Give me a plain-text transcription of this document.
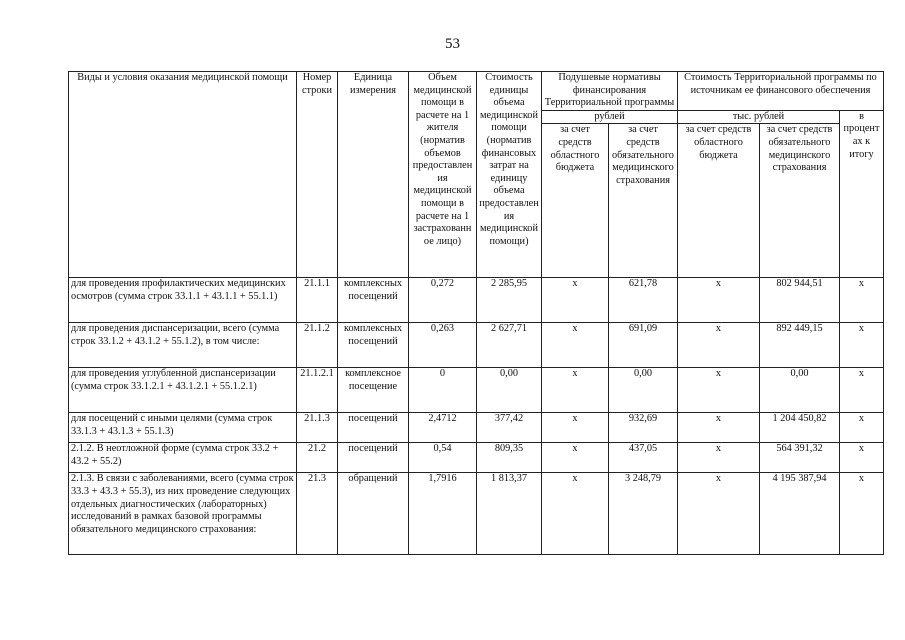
53
Виды и условия оказания медицинской помощи	Номер строки	Единица измерения	Объем медицинской помощи в расчете на 1 жителя (норматив объемов предоставления медицинской помощи в расчете на 1 застрахованное лицо)	Стоимость единицы объема медицинской помощи (норматив финансовых затрат на единицу объема предоставления медицинской помощи)	Подушевые нормативы финансирования Территориальной программы		Стоимость Территориальной программы по источникам ее финансового обеспечения		
					рублей		тыс. рублей		в процентах к итогу
					за счет средств областного бюджета	за счет средств обязательного медицинского страхования	за счет средств областного бюджета	за счет средств обязательного медицинского страхования	
для проведения профилактических медицинских осмотров (сумма строк 33.1.1 + 43.1.1 + 55.1.1)	21.1.1	комплексных посещений	0,272	2 285,95	х	621,78	х	802 944,51	х
для проведения диспансеризации, всего (сумма строк 33.1.2 + 43.1.2 + 55.1.2), в том числе:	21.1.2	комплексных посещений	0,263	2 627,71	х	691,09	х	892 449,15	х
для проведения углубленной диспансеризации (сумма строк 33.1.2.1 + 43.1.2.1 + 55.1.2.1)	21.1.2.1	комплексное посещение	0	0,00	х	0,00	х	0,00	х
для посещений с иными целями (сумма строк 33.1.3 + 43.1.3 + 55.1.3)	21.1.3	посещений	2,4712	377,42	х	932,69	х	1 204 450,82	х
2.1.2. В неотложной форме (сумма строк 33.2 + 43.2 + 55.2)	21.2	посещений	0,54	809,35	х	437,05	х	564 391,32	х
2.1.3. В связи с заболеваниями, всего (сумма строк 33.3 + 43.3 + 55.3), из них проведение следующих отдельных диагностических (лабораторных) исследований в рамках базовой программы обязательного медицинского страхования:	21.3	обращений	1,7916	1 813,37	х	3 248,79	х	4 195 387,94	х
